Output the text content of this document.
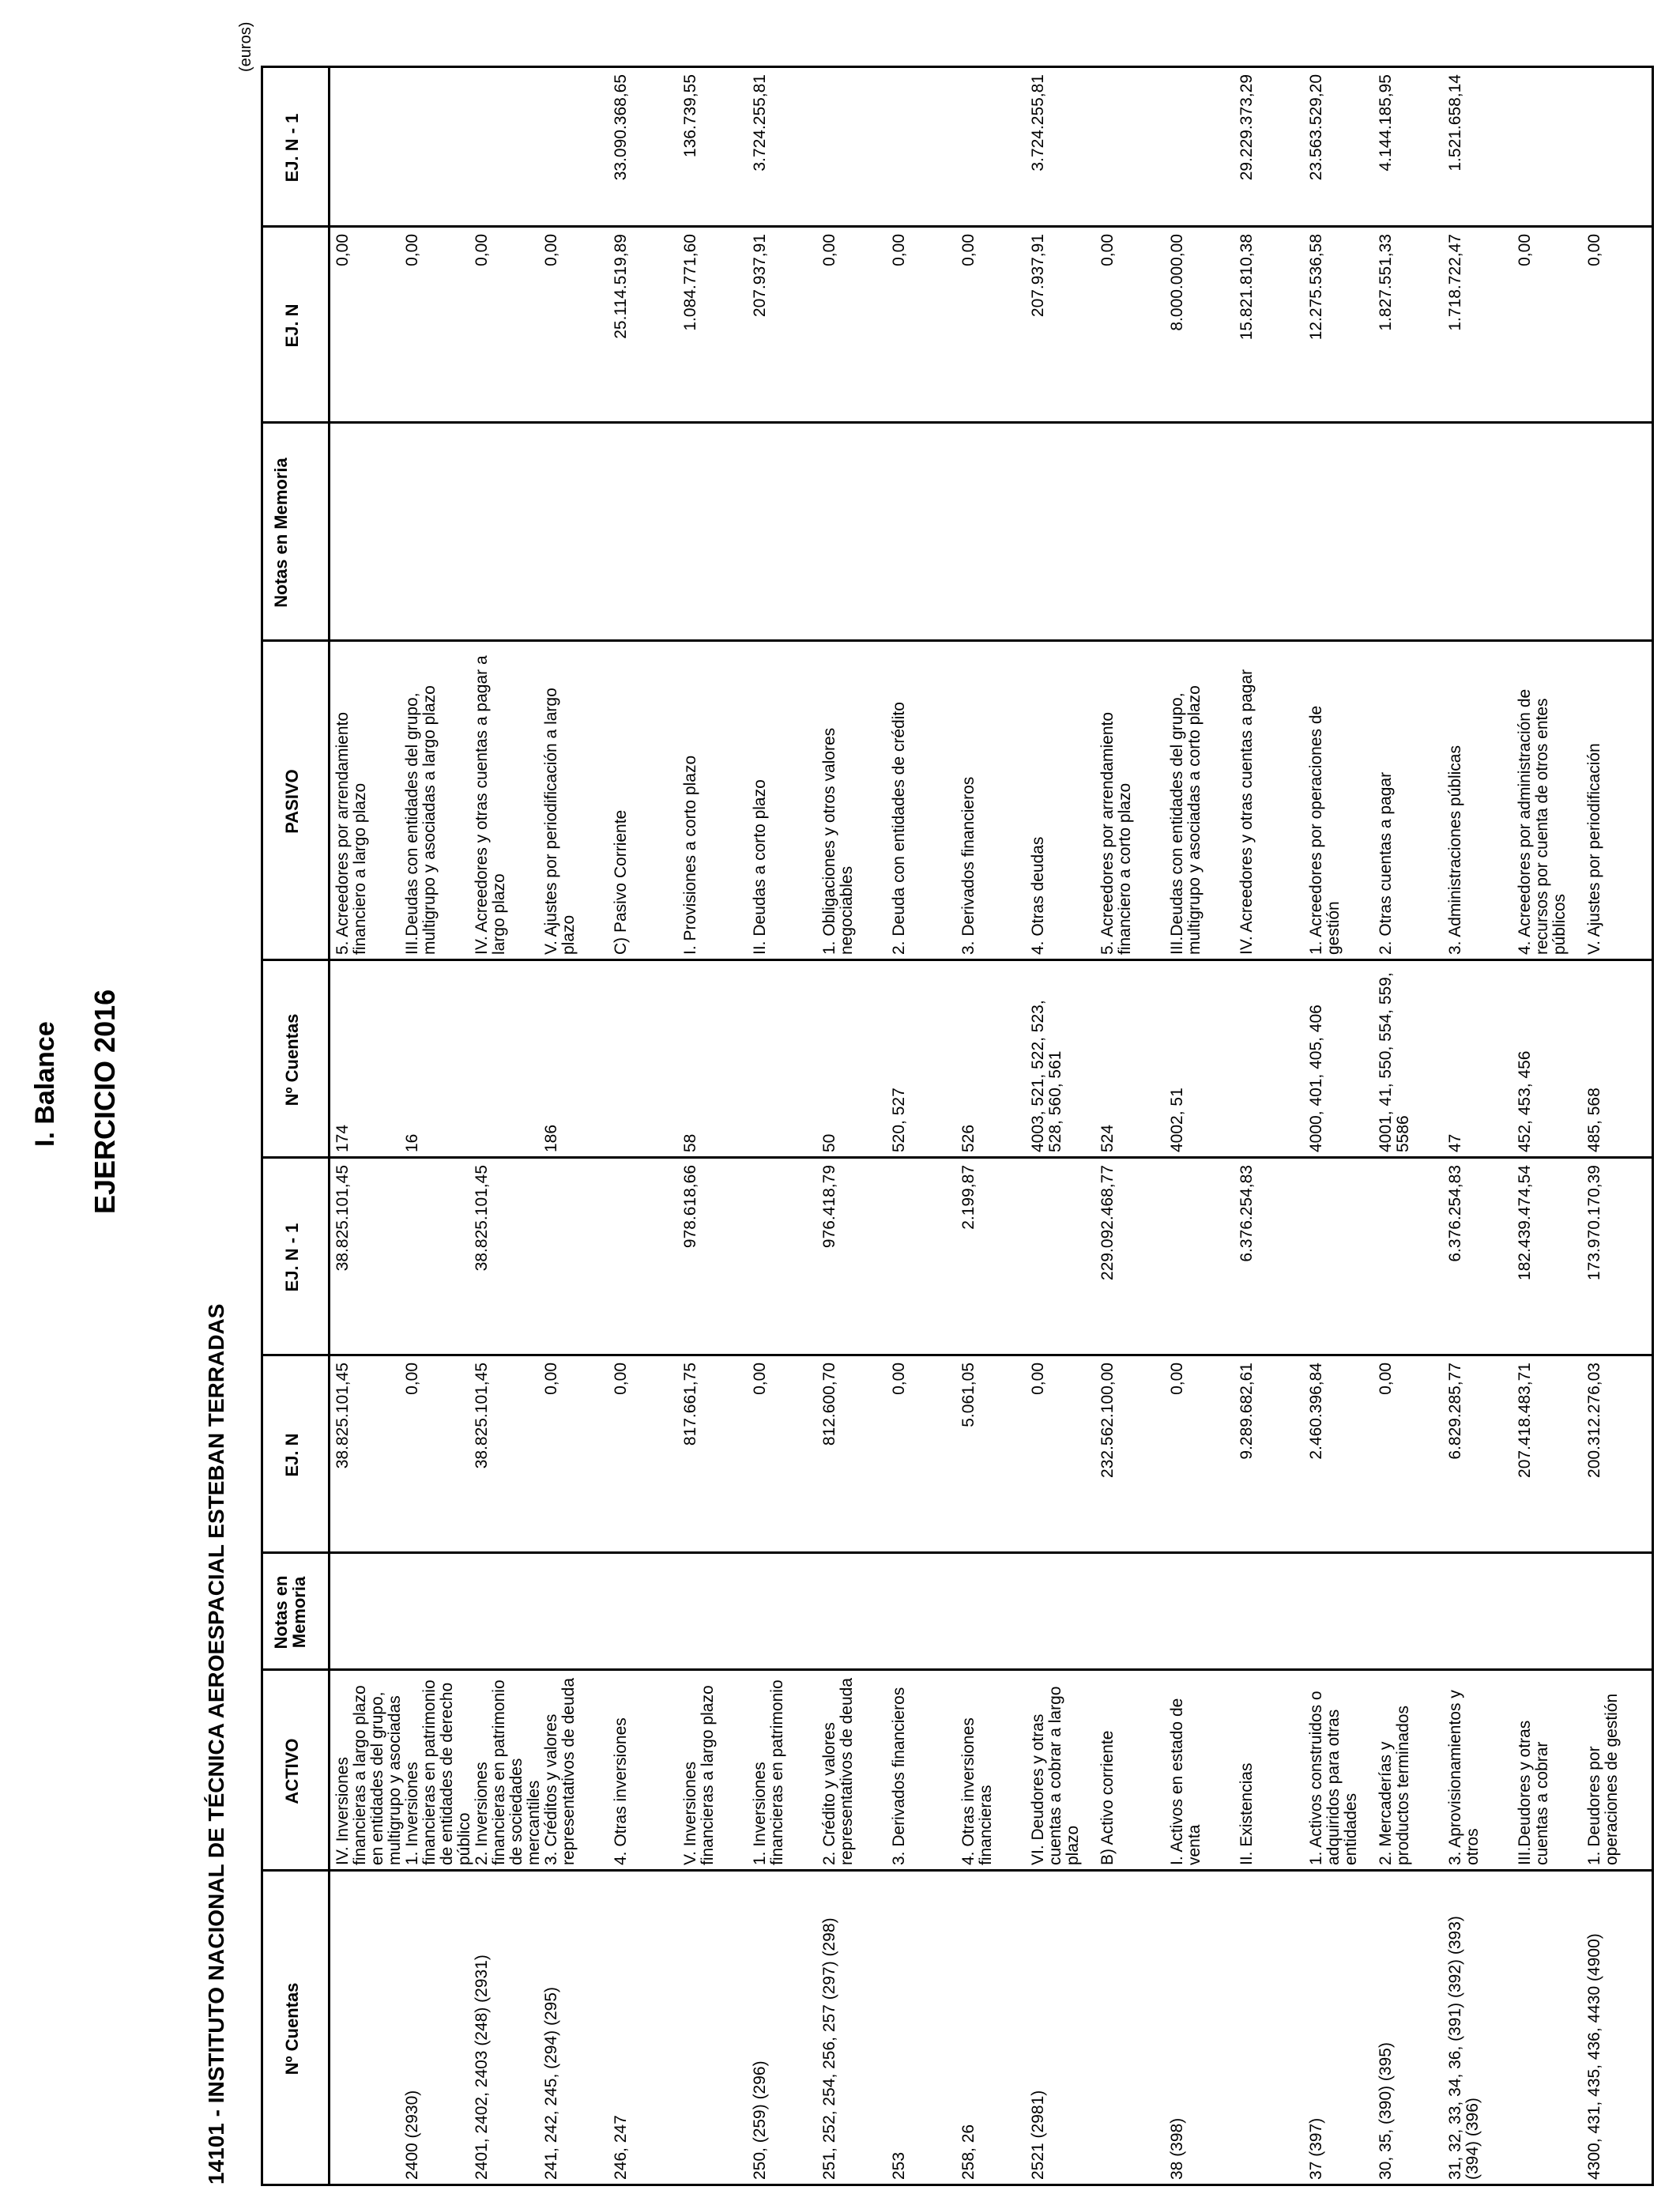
I. Balance EJERCICIO 2016
14101 - INSTITUTO NACIONAL DE TÉCNICA AEROESPACIAL ESTEBAN TERRADAS
(euros)
Nº Cuentas
ACTIVO
Notas en Memoria
EJ. N
EJ. N - 1
Nº Cuentas
PASIVO
Notas en Memoria
EJ. N
EJ. N - 1
IV. Inversiones financieras a largo plazo en entidades del grupo, multigrupo y asociadas
38.825.101,45
38.825.101,45
2400 (2930)
1. Inversiones financieras en patrimonio de entidades de derecho público
0,00
2401, 2402, 2403 (248) (2931)
2. Inversiones financieras en patrimonio de sociedades mercantiles
38.825.101,45
38.825.101,45
241, 242, 245, (294) (295)
3. Créditos y valores representativos de deuda
0,00
246, 247
4. Otras inversiones
0,00
V. Inversiones financieras a largo plazo
817.661,75
978.618,66
250, (259) (296)
1. Inversiones financieras en patrimonio
0,00
251, 252, 254, 256, 257 (297) (298)
2. Crédito y valores representativos de deuda
812.600,70
976.418,79
253
3. Derivados financieros
0,00
258, 26
4. Otras inversiones financieras
5.061,05
2.199,87
2521 (2981)
VI. Deudores y otras cuentas a cobrar a largo plazo
0,00
B) Activo corriente
232.562.100,00
229.092.468,77
38 (398)
I. Activos en estado de venta
0,00
II. Existencias
9.289.682,61
6.376.254,83
37 (397)
1. Activos construidos o adquiridos para otras entidades
2.460.396,84
30, 35, (390) (395)
2. Mercaderías y productos terminados
0,00
31, 32, 33, 34, 36, (391) (392) (393) (394) (396)
3. Aprovisionamientos y otros
6.829.285,77
6.376.254,83
III.Deudores y otras cuentas a cobrar
207.418.483,71
182.439.474,54
4300, 431, 435, 436, 4430 (4900)
1. Deudores por operaciones de gestión
200.312.276,03
173.970.170,39
174
5. Acreedores por arrendamiento financiero a largo plazo
0,00
16
III.Deudas con entidades del grupo, multigrupo y asociadas a largo plazo
0,00
IV. Acreedores y otras cuentas a pagar a largo plazo
0,00
186
V. Ajustes por periodificación a largo plazo
0,00
C) Pasivo Corriente
25.114.519,89
33.090.368,65
58
I. Provisiones a corto plazo
1.084.771,60
136.739,55
II. Deudas a corto plazo
207.937,91
3.724.255,81
50
1. Obligaciones y otros valores negociables
0,00
520, 527
2. Deuda con entidades de crédito
0,00
526
3. Derivados financieros
0,00
4003, 521, 522, 523, 528, 560, 561
4. Otras deudas
207.937,91
3.724.255,81
524
5. Acreedores por arrendamiento financiero a corto plazo
0,00
4002, 51
III.Deudas con entidades del grupo, multigrupo y asociadas a corto plazo
8.000.000,00
IV. Acreedores y otras cuentas a pagar
15.821.810,38
29.229.373,29
4000, 401, 405, 406
1. Acreedores por operaciones de gestión
12.275.536,58
23.563.529,20
4001, 41, 550, 554, 559, 5586
2. Otras cuentas a pagar
1.827.551,33
4.144.185,95
47
3. Administraciones públicas
1.718.722,47
1.521.658,14
452, 453, 456
4. Acreedores por administración de recursos por cuenta de otros entes públicos
0,00
485, 568
V. Ajustes por periodificación
0,00
